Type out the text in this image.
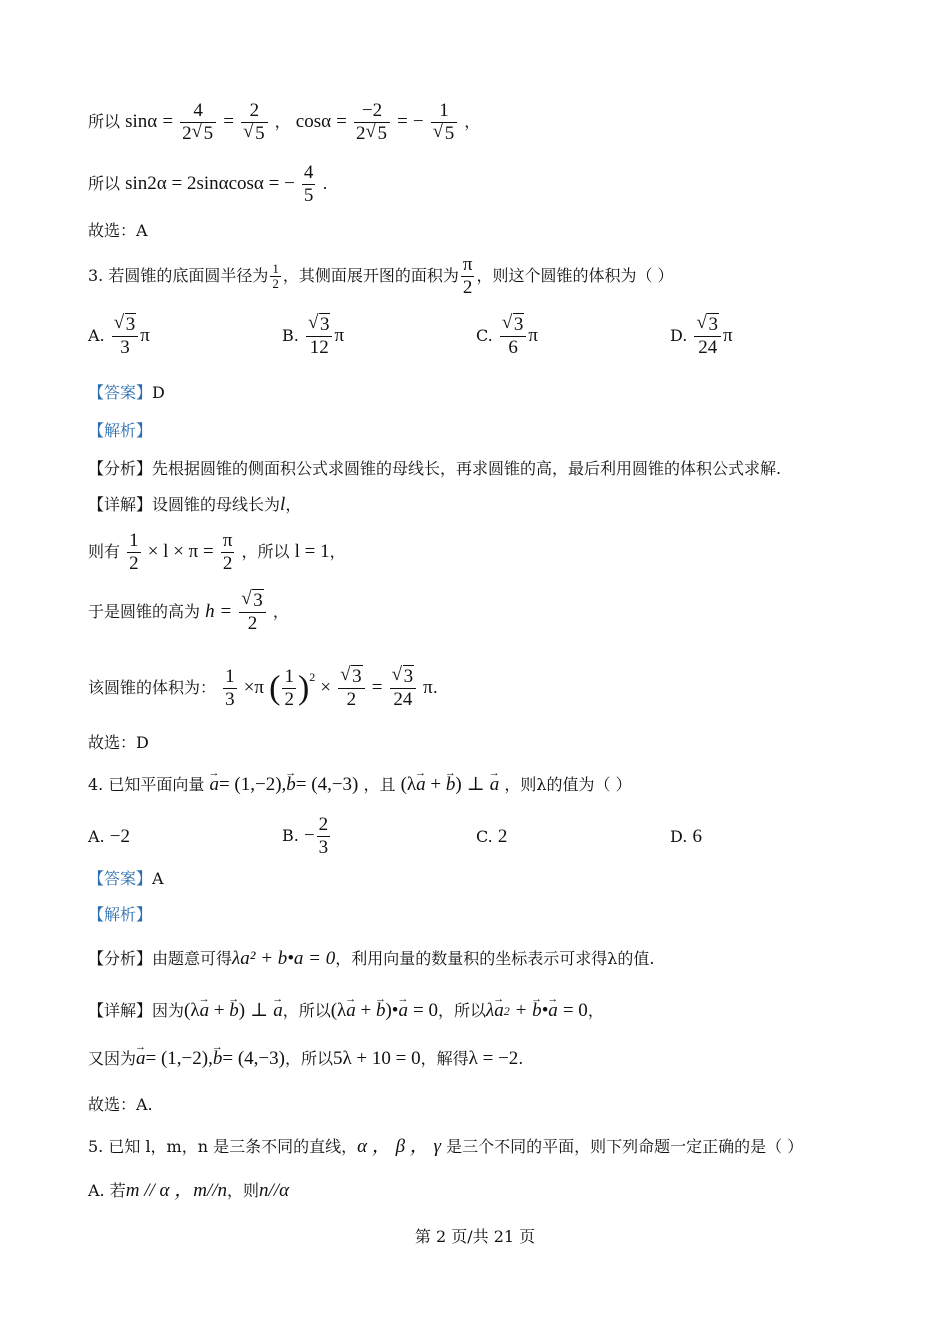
所以 $\sin\alpha = \frac{4}{2 √ 5} = 2$
√ 5 ， $\cos\alpha = \frac{-2}{2 √ 5}$ = − 1
√ 5 ，
所以 sin2α = 2sinαcosα = − $\frac{4}{5}$ .
故选：A
3. 若圆锥的底面圆半径为 $\frac{1}{2}$ ，其侧面展开图的面积为 $\frac{\pi}{2}$ ，则这个圆锥的体积为（ ）
A. √ $\frac{3}{3}$ π	B. √ $\frac{3}{12}$ π	C. √ $\frac{3}{6}$ π	D. √ $\frac{3}{24}$ π
【答案】D
【解析】
【分析】先根据圆锥的侧面积公式求圆锥的母线长，再求圆锥的高，最后利用圆锥的体积公式求解.
【详解】设圆锥的母线长为l，
则有 $\frac{1}{2} \times l \times \pi = \frac{\pi}{2}$ ，所以 l = 1，
于是圆锥的高为 h = √ $\frac{3}{2}$ ，
该圆锥的体积为： $\frac{1}{3} \times\pi$ ( $\frac{1}{2} )^2$ × √ $\frac{3}{2}$ = √ $\frac{3}{24} \pi$.
故选：D
4. 已知平面向量 a →= (1,−2),b →= (4,−3) ，且 (λa → + b →) ⊥ a → ，则λ的值为（ ）
A. −2	B. − $\frac{2}{3}$	C. 2	D. 6
【答案】A
【解析】
【分析】由题意可得λa² + b•a = 0，利用向量的数量积的坐标表示可求得λ的值.
【详解】因为(λa → + b →) ⊥ a →，所以(λa → + b →)•a → = 0，所以λa →$^2$ + b →•a → = 0，
又因为a →= (1,−2),b →= (4,−3)，所以5λ + 10 = 0，解得λ = −2.
故选：A.
5. 已知 l，m，n 是三条不同的直线，α ， β ， γ 是三个不同的平面，则下列命题一定正确的是（ ）
A. 若m // α ，m//n，则n//α
第 2 页/共 21 页
